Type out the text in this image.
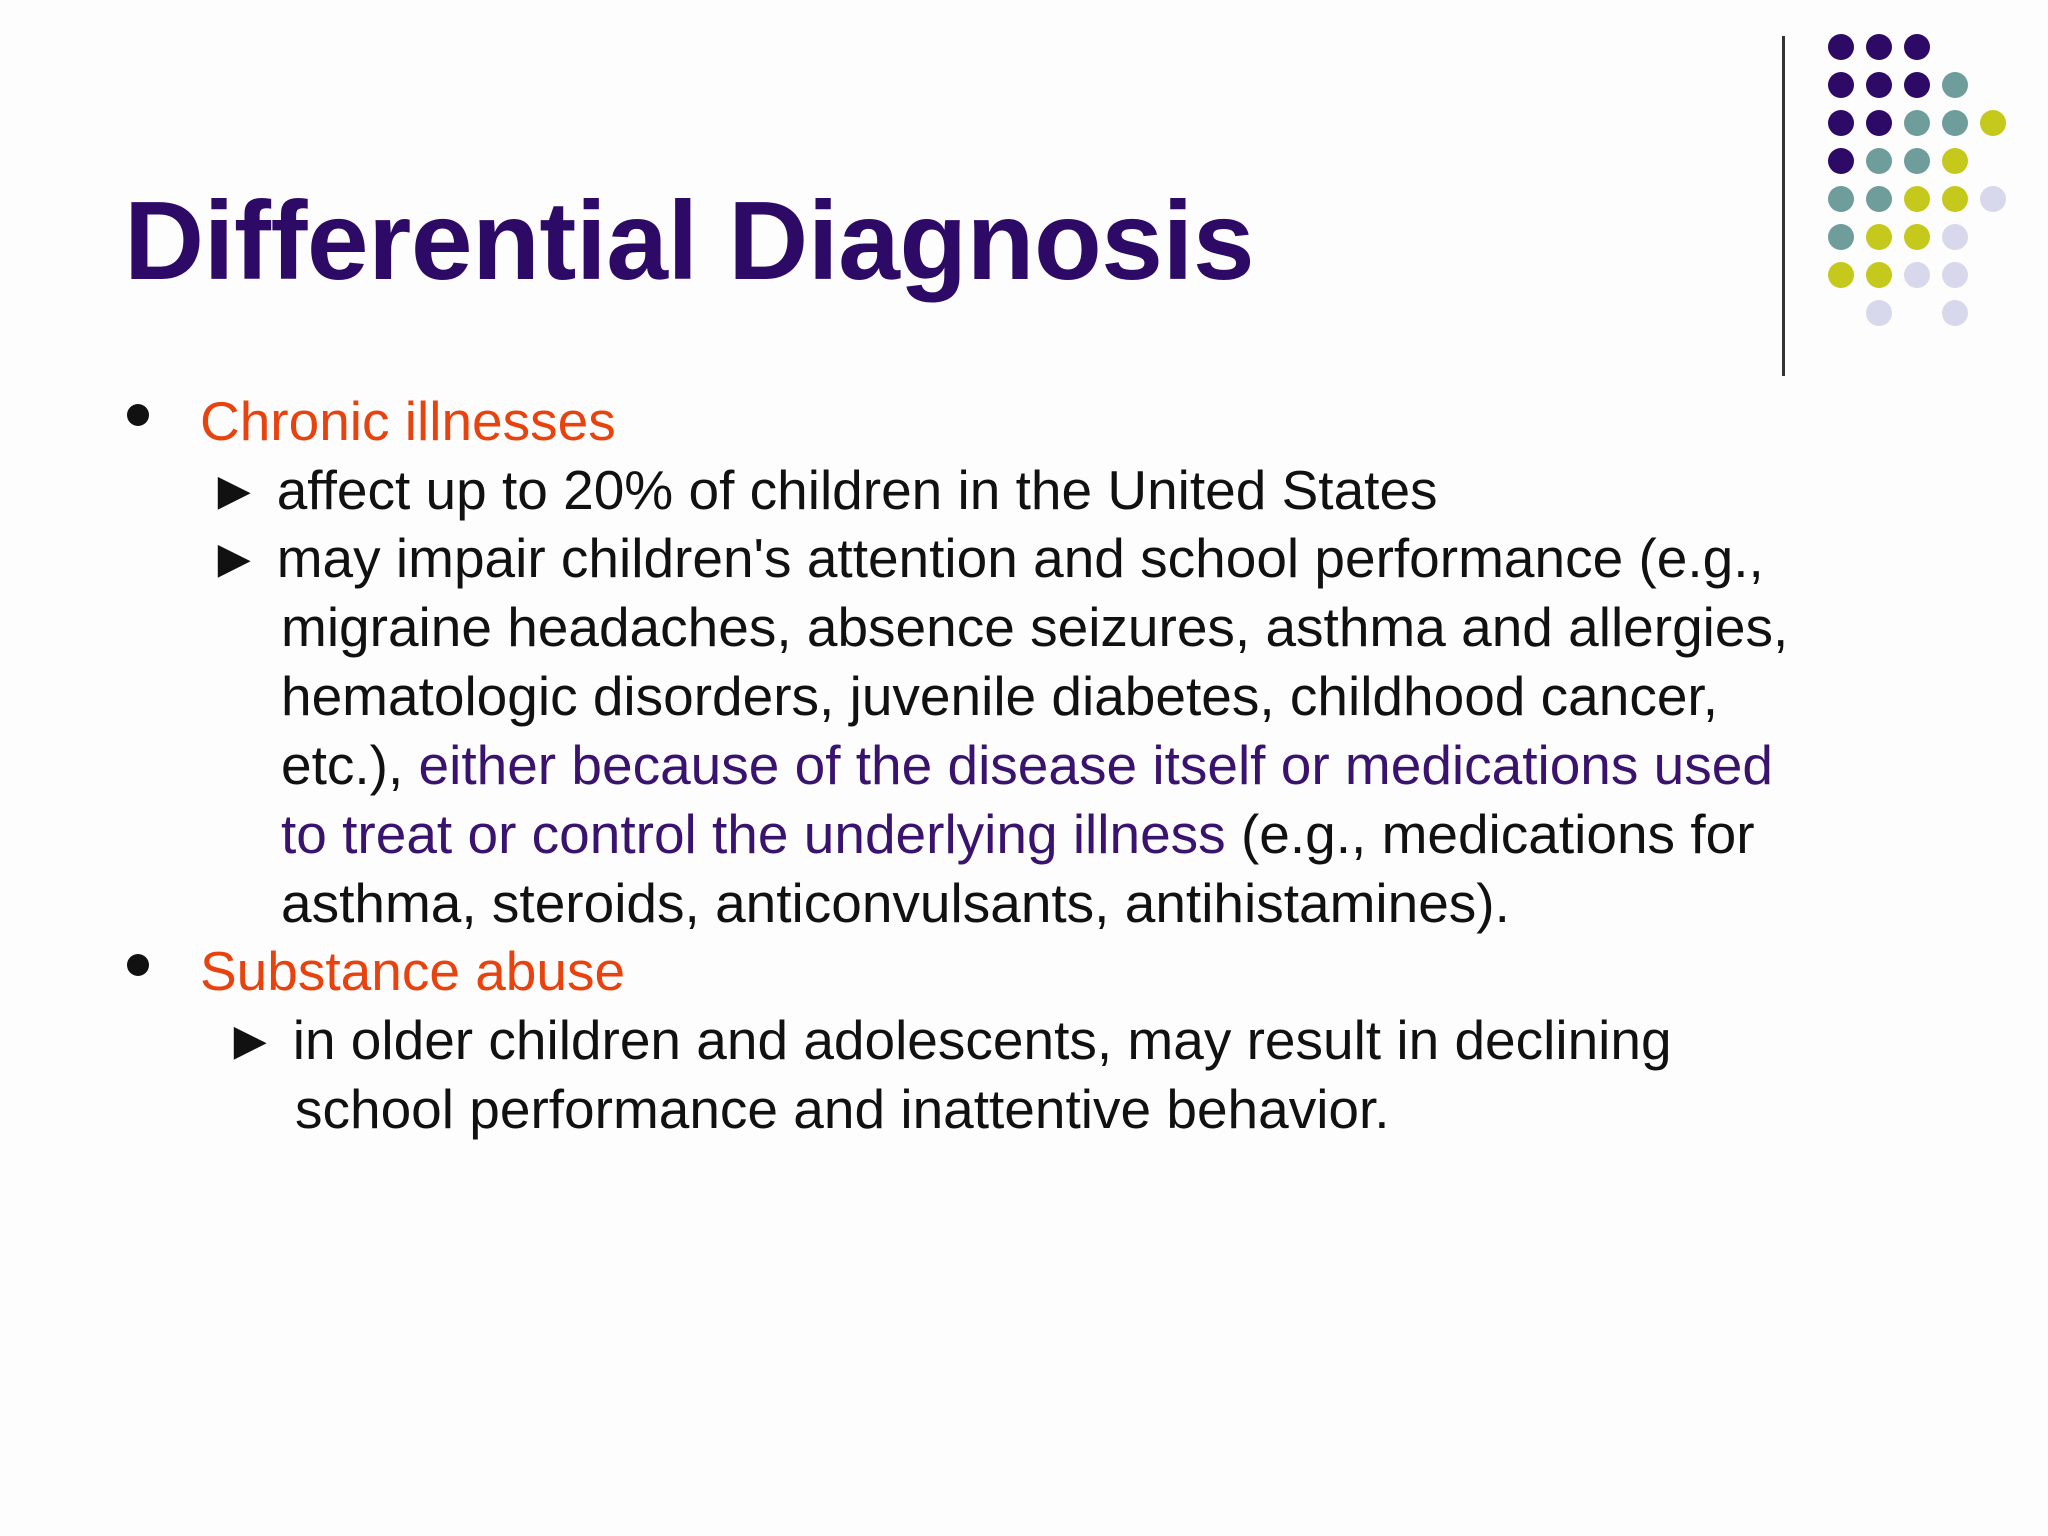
Differential Diagnosis
Chronic illnesses
► affect up to 20% of children in the United States
► may impair children's attention and school performance (e.g.,
migraine headaches, absence seizures, asthma and allergies,
hematologic disorders, juvenile diabetes, childhood cancer,
etc.), either because of the disease itself or medications used
to treat or control the underlying illness (e.g., medications for
asthma, steroids, anticonvulsants, antihistamines).
Substance abuse
► in older children and adolescents, may result in declining
school performance and inattentive behavior.
